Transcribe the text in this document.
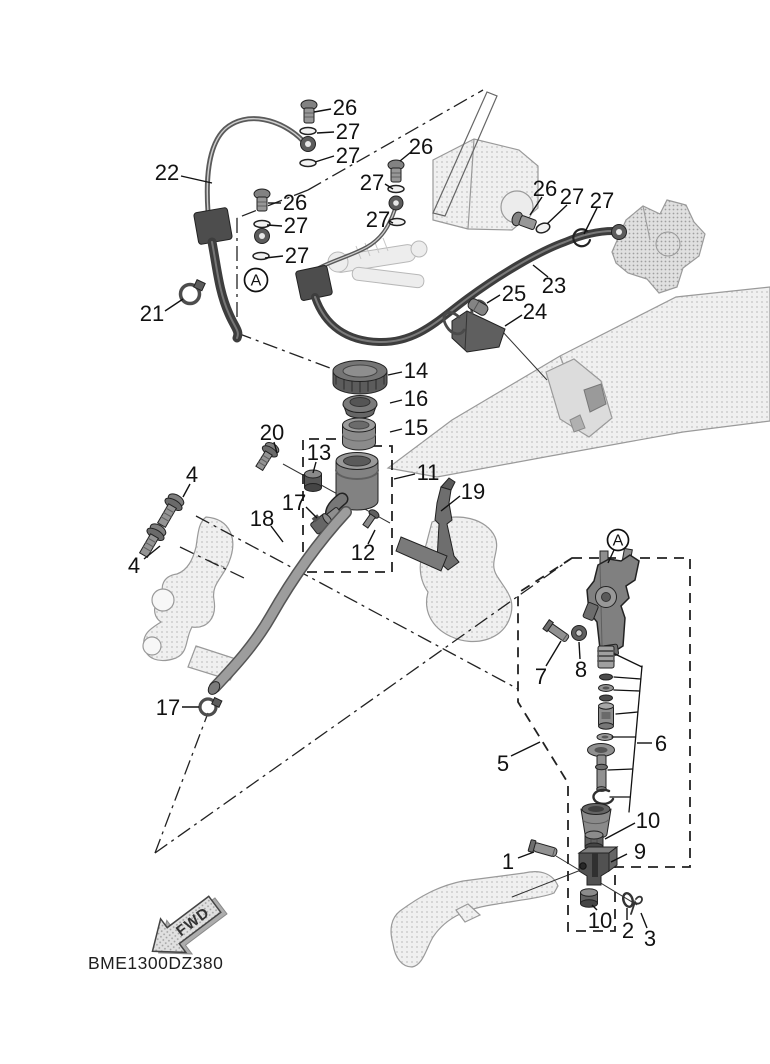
26
27
27
22
26
27
27
26
27
27
21
26 27 27
23
25
24
14
16
15
11
19
20
13
4
4
17
18
12
17
7 8
6
5
10
9
1
10 2 3
A
A
FWD
BME1300DZ380
